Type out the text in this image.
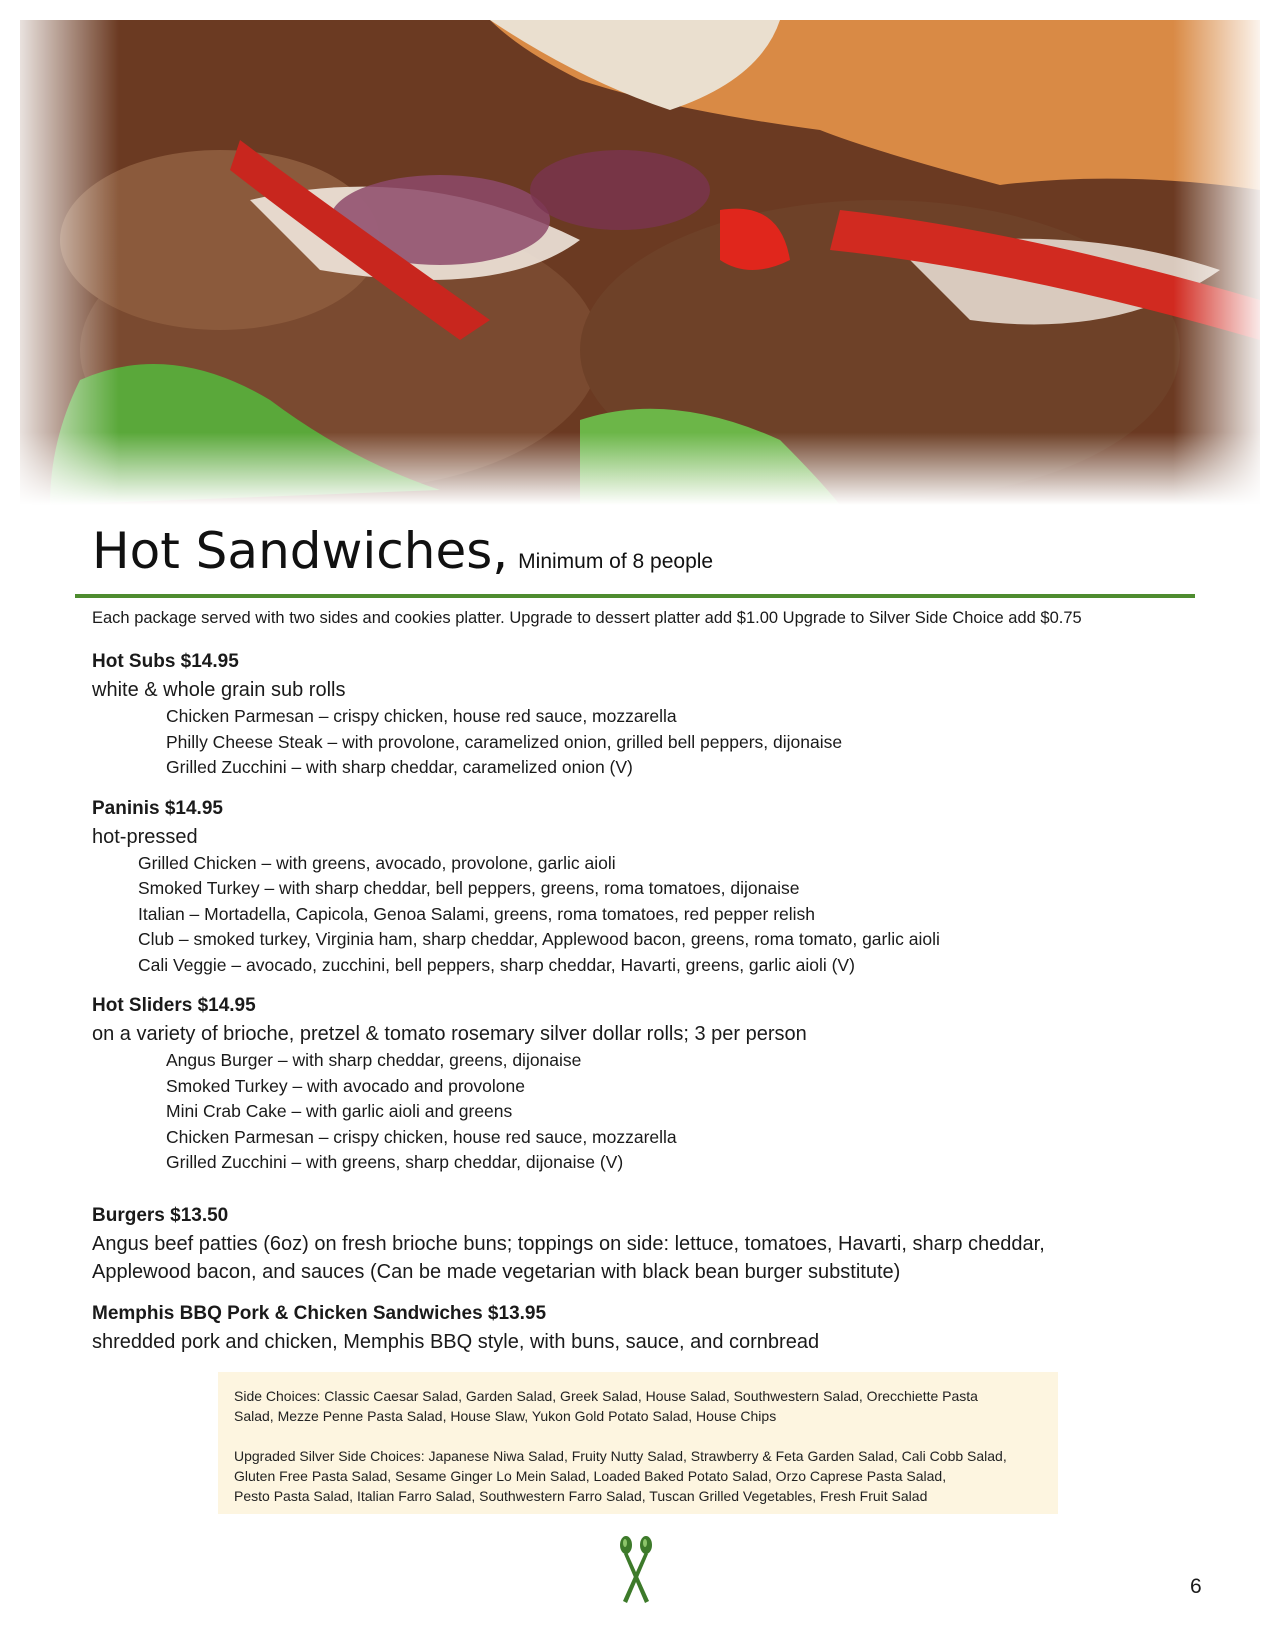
Hot Sandwiches, Minimum of 8 people
Each package served with two sides and cookies platter. Upgrade to dessert platter add $1.00 Upgrade to Silver Side Choice add $0.75
Hot Subs $14.95
white & whole grain sub rolls
Chicken Parmesan – crispy chicken, house red sauce, mozzarella
Philly Cheese Steak – with provolone, caramelized onion, grilled bell peppers, dijonaise
Grilled Zucchini – with sharp cheddar, caramelized onion (V)
Paninis $14.95
hot-pressed
Grilled Chicken – with greens, avocado, provolone, garlic aioli
Smoked Turkey – with sharp cheddar, bell peppers, greens, roma tomatoes, dijonaise
Italian – Mortadella, Capicola, Genoa Salami, greens, roma tomatoes, red pepper relish
Club – smoked turkey, Virginia ham, sharp cheddar, Applewood bacon, greens, roma tomato, garlic aioli
Cali Veggie – avocado, zucchini, bell peppers, sharp cheddar, Havarti, greens, garlic aioli (V)
Hot Sliders $14.95
on a variety of brioche, pretzel & tomato rosemary silver dollar rolls; 3 per person
Angus Burger – with sharp cheddar, greens, dijonaise
Smoked Turkey – with avocado and provolone
Mini Crab Cake – with garlic aioli and greens
Chicken Parmesan – crispy chicken, house red sauce, mozzarella
Grilled Zucchini – with greens, sharp cheddar, dijonaise (V)
Burgers $13.50
Angus beef patties (6oz) on fresh brioche buns; toppings on side: lettuce, tomatoes, Havarti, sharp cheddar,
Applewood bacon, and sauces (Can be made vegetarian with black bean burger substitute)
Memphis BBQ Pork & Chicken Sandwiches $13.95
shredded pork and chicken, Memphis BBQ style, with buns, sauce, and cornbread

Side Choices: Classic Caesar Salad, Garden Salad, Greek Salad, House Salad, Southwestern Salad, Orecchiette Pasta
Salad, Mezze Penne Pasta Salad, House Slaw, Yukon Gold Potato Salad, House Chips

Upgraded Silver Side Choices: Japanese Niwa Salad, Fruity Nutty Salad, Strawberry & Feta Garden Salad, Cali Cobb Salad,
Gluten Free Pasta Salad, Sesame Ginger Lo Mein Salad, Loaded Baked Potato Salad, Orzo Caprese Pasta Salad,
Pesto Pasta Salad, Italian Farro Salad, Southwestern Farro Salad, Tuscan Grilled Vegetables, Fresh Fruit Salad

6
